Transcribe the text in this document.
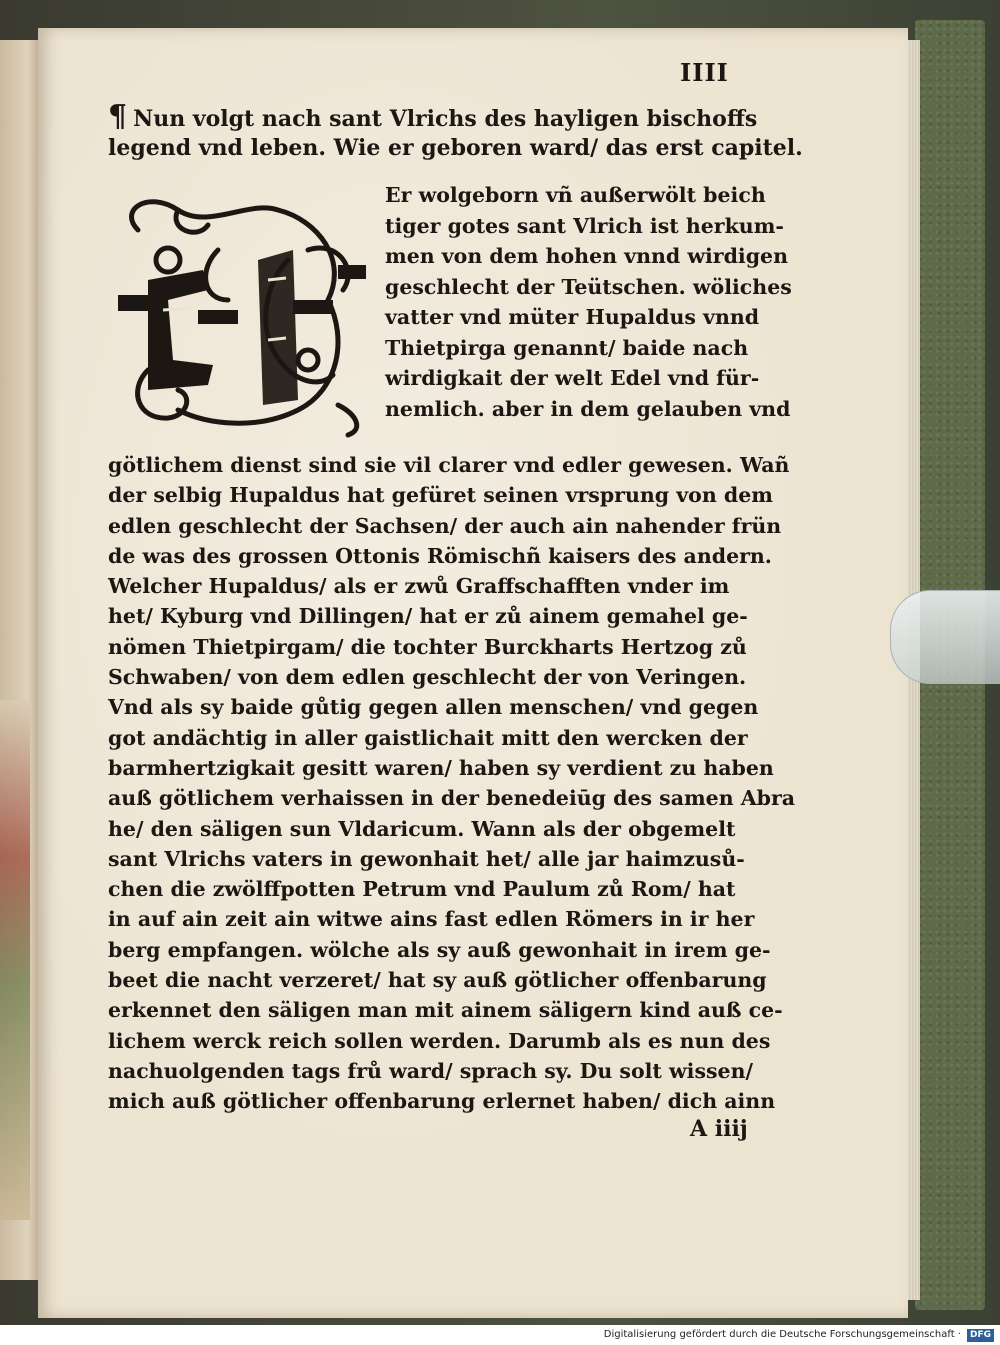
IIII
¶ Nun volgt nach sant Vlrichs des hayligen bischoffs
legend vnd leben. Wie er geboren ward/ das erst capitel.
D
Er wolgeborn vñ außerwölt beich
tiger gotes sant Vlrich ist herkum-
men von dem hohen vnnd wirdigen
geschlecht der Teütschen. wöliches
vatter vnd müter Hupaldus vnnd
Thietpirga genannt/ baide nach
wirdigkait der welt Edel vnd für-
nemlich. aber in dem gelauben vnd
götlichem dienst sind sie vil clarer vnd edler gewesen. Wañ
der selbig Hupaldus hat gefüret seinen vrsprung von dem
edlen geschlecht der Sachsen/ der auch ain nahender frün
de was des grossen Ottonis Römischñ kaisers des andern.
Welcher Hupaldus/ als er zwů Graffschafften vnder im
het/ Kyburg vnd Dillingen/ hat er zů ainem gemahel ge-
nömen Thietpirgam/ die tochter Burckharts Hertzog zů
Schwaben/ von dem edlen geschlecht der von Veringen.
Vnd als sy baide gůtig gegen allen menschen/ vnd gegen
got andächtig in aller gaistlichait mitt den wercken der
barmhertzigkait gesitt waren/ haben sy verdient zu haben
auß götlichem verhaissen in der benedeiūg des samen Abra
he/ den säligen sun Vldaricum. Wann als der obgemelt
sant Vlrichs vaters in gewonhait het/ alle jar haimzusů-
chen die zwölffpotten Petrum vnd Paulum zů Rom/ hat
in auf ain zeit ain witwe ains fast edlen Römers in ir her
berg empfangen. wölche als sy auß gewonhait in irem ge-
beet die nacht verzeret/ hat sy auß götlicher offenbarung
erkennet den säligen man mit ainem säligern kind auß ce-
lichem werck reich sollen werden. Darumb als es nun des
nachuolgenden tags frů ward/ sprach sy. Du solt wissen/
mich auß götlicher offenbarung erlernet haben/ dich ainn
A iiij
Digitalisierung gefördert durch die Deutsche Forschungsgemeinschaft · DFG
